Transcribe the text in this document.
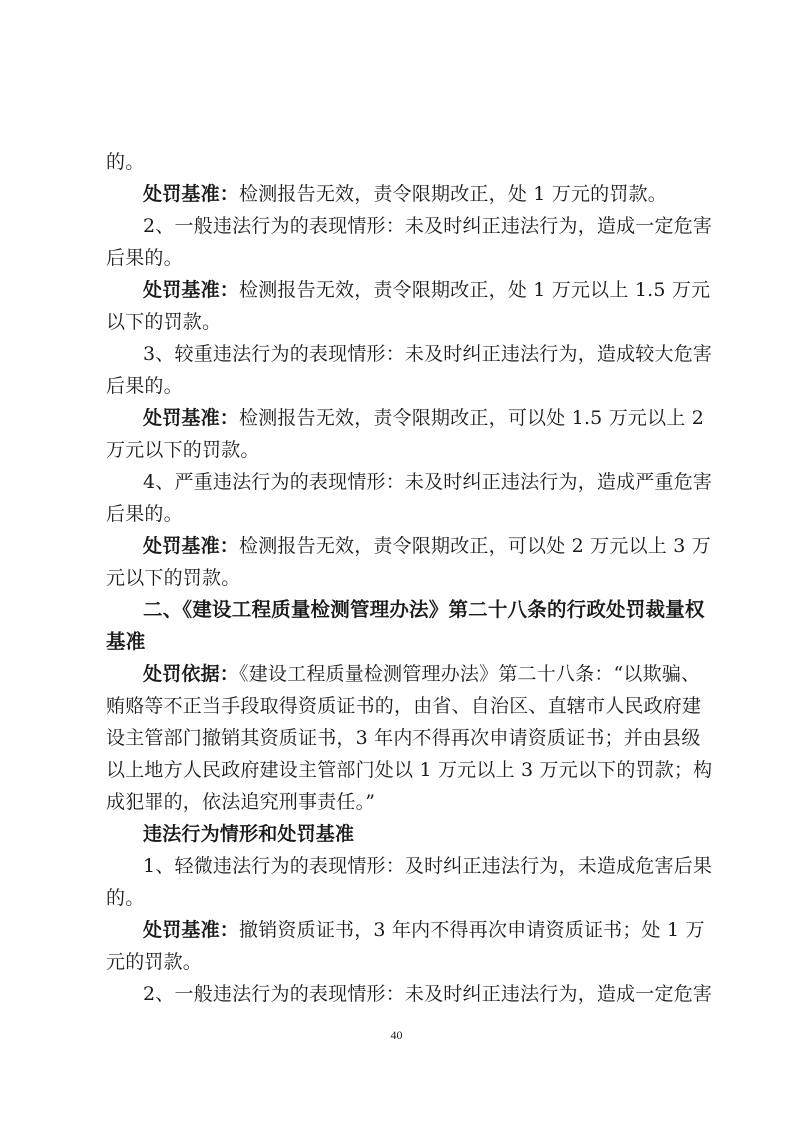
的。
处罚基准：检测报告无效，责令限期改正，处 1 万元的罚款。
2、一般违法行为的表现情形：未及时纠正违法行为，造成一定危害
后果的。
处罚基准：检测报告无效，责令限期改正，处 1 万元以上 1.5 万元
以下的罚款。
3、较重违法行为的表现情形：未及时纠正违法行为，造成较大危害
后果的。
处罚基准：检测报告无效，责令限期改正，可以处 1.5 万元以上 2
万元以下的罚款。
4、严重违法行为的表现情形：未及时纠正违法行为，造成严重危害
后果的。
处罚基准：检测报告无效，责令限期改正，可以处 2 万元以上 3 万
元以下的罚款。
二、《建设工程质量检测管理办法》第二十八条的行政处罚裁量权
基准
处罚依据：《建设工程质量检测管理办法》第二十八条：“以欺骗、
贿赂等不正当手段取得资质证书的，由省、自治区、直辖市人民政府建
设主管部门撤销其资质证书，3 年内不得再次申请资质证书；并由县级
以上地方人民政府建设主管部门处以 1 万元以上 3 万元以下的罚款；构
成犯罪的，依法追究刑事责任。”
违法行为情形和处罚基准
1、轻微违法行为的表现情形：及时纠正违法行为，未造成危害后果
的。
处罚基准：撤销资质证书，3 年内不得再次申请资质证书；处 1 万
元的罚款。
2、一般违法行为的表现情形：未及时纠正违法行为，造成一定危害
40
